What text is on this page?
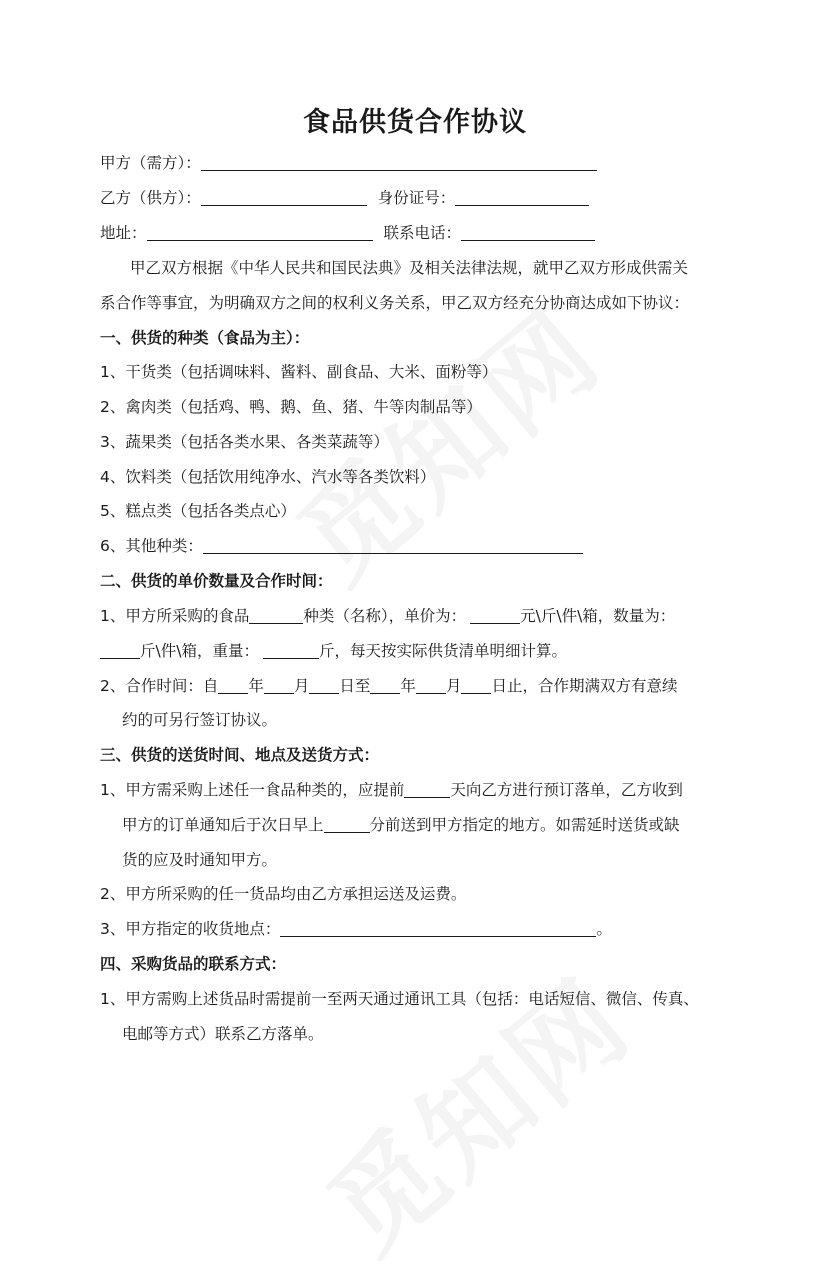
食品供货合作协议
甲方（需方）：
乙方（供方）：	身份证号：
地址：	联系电话：
甲乙双方根据《中华人民共和国民法典》及相关法律法规，就甲乙双方形成供需关
系合作等事宜，为明确双方之间的权利义务关系，甲乙双方经充分协商达成如下协议：
一、供货的种类（食品为主）：
1、干货类（包括调味料、酱料、副食品、大米、面粉等）
2、禽肉类（包括鸡、鸭、鹅、鱼、猪、牛等肉制品等）
3、蔬果类（包括各类水果、各类菜蔬等）
4、饮料类（包括饮用纯净水、汽水等各类饮料）
5、糕点类（包括各类点心）
6、其他种类：
二、供货的单价数量及合作时间：
1、甲方所采购的食品	种类（名称），单价为：	元\斤\件\箱，数量为：
斤\件\箱，重量：	斤，每天按实际供货清单明细计算。
2、合作时间：自 年 月 日至 年 月 日止，合作期满双方有意续
约的可另行签订协议。
三、供货的送货时间、地点及送货方式：
1、甲方需采购上述任一食品种类的，应提前	天向乙方进行预订落单，乙方收到
甲方的订单通知后于次日早上	分前送到甲方指定的地方。如需延时送货或缺
货的应及时通知甲方。
2、甲方所采购的任一货品均由乙方承担运送及运费。
3、甲方指定的收货地点：	。
四、采购货品的联系方式：
1、甲方需购上述货品时需提前一至两天通过通讯工具（包括：电话短信、微信、传真、
电邮等方式）联系乙方落单。
